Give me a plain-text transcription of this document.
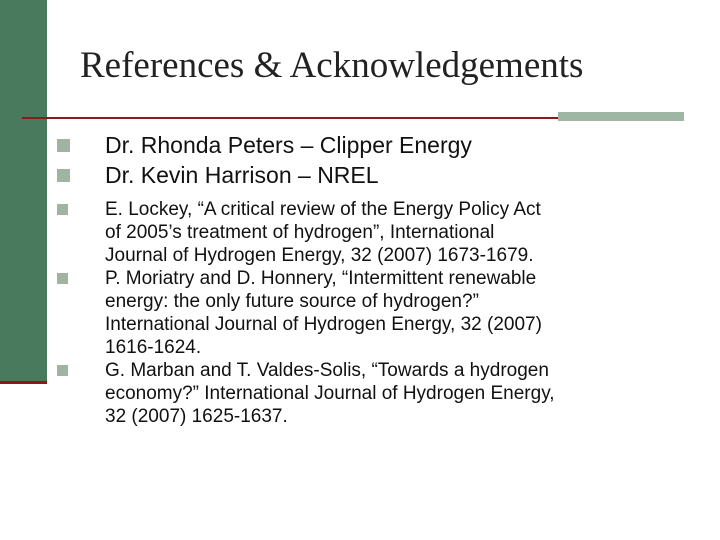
References & Acknowledgements
Dr. Rhonda Peters – Clipper Energy
Dr. Kevin Harrison – NREL
E. Lockey, “A critical review of the Energy Policy Act
of 2005’s treatment of hydrogen”, International
Journal of Hydrogen Energy, 32 (2007) 1673-1679.
P. Moriatry and D. Honnery, “Intermittent renewable
energy: the only future source of hydrogen?”
International Journal of Hydrogen Energy, 32 (2007)
1616-1624.
G. Marban and T. Valdes-Solis, “Towards a hydrogen
economy?” International Journal of Hydrogen Energy,
32 (2007) 1625-1637.
